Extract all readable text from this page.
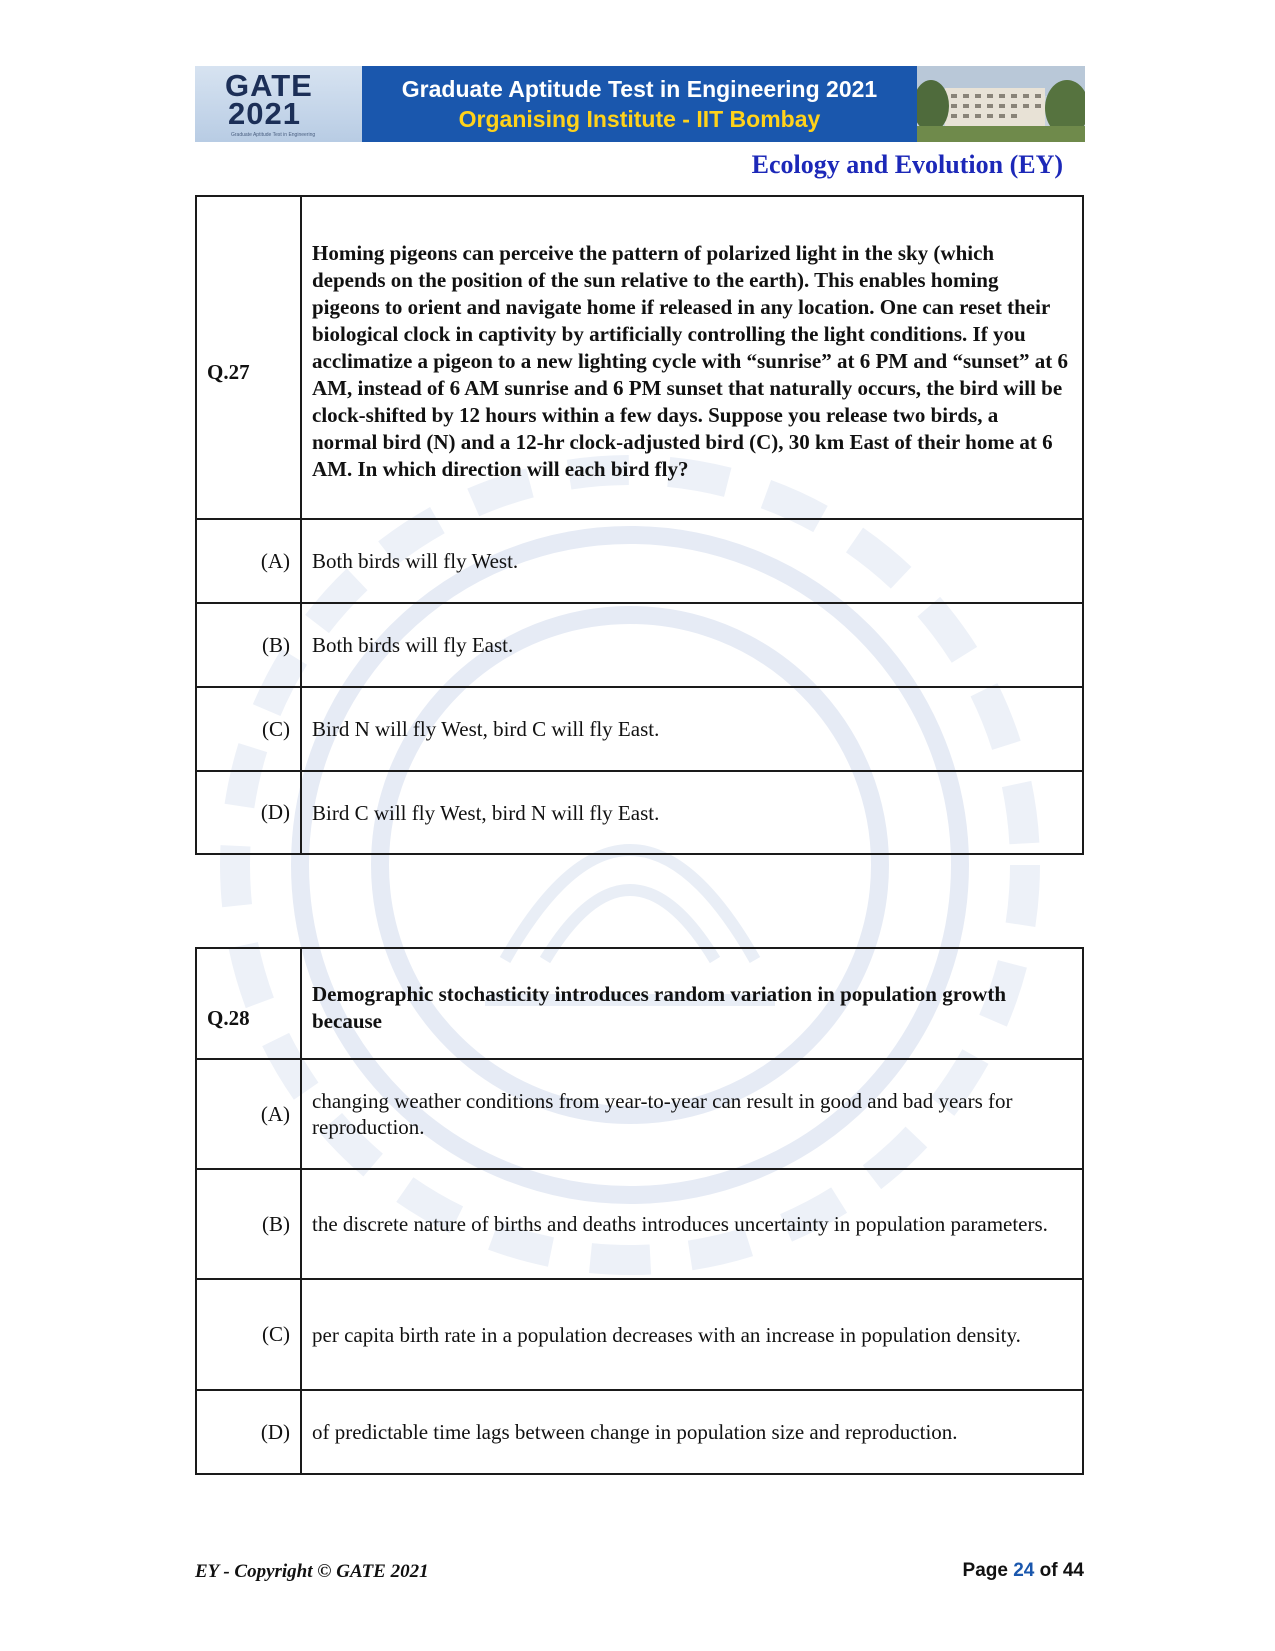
GATE
2021
Graduate Aptitude Test in Engineering
Graduate Aptitude Test in Engineering 2021
Organising Institute - IIT Bombay
Ecology and Evolution (EY)
Q.27	Homing pigeons can perceive the pattern of polarized light in the sky (which depends on the position of the sun relative to the earth). This enables homing pigeons to orient and navigate home if released in any location. One can reset their biological clock in captivity by artificially controlling the light conditions. If you acclimatize a pigeon to a new lighting cycle with “sunrise” at 6 PM and “sunset” at 6 AM, instead of 6 AM sunrise and 6 PM sunset that naturally occurs, the bird will be clock-shifted by 12 hours within a few days. Suppose you release two birds, a normal bird (N) and a 12-hr clock-adjusted bird (C), 30 km East of their home at 6 AM. In which direction will each bird fly?
(A)	Both birds will fly West.
(B)	Both birds will fly East.
(C)	Bird N will fly West, bird C will fly East.
(D)	Bird C will fly West, bird N will fly East.
Q.28	Demographic stochasticity introduces random variation in population growth because
(A)	changing weather conditions from year-to-year can result in good and bad years for reproduction.
(B)	the discrete nature of births and deaths introduces uncertainty in population parameters.
(C)	per capita birth rate in a population decreases with an increase in population density.
(D)	of predictable time lags between change in population size and reproduction.
EY - Copyright © GATE 2021	Page 24 of 44
